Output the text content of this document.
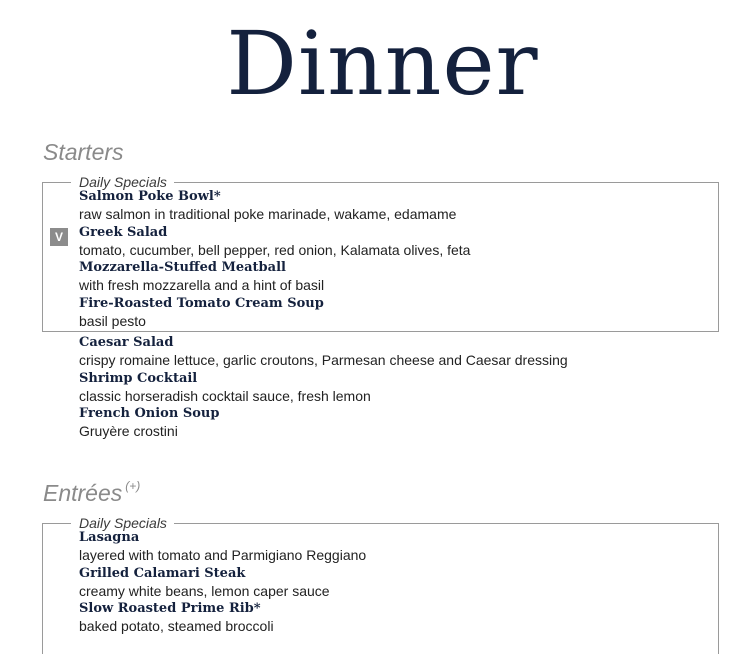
Dinner
Starters
Daily Specials
V
Salmon Poke Bowl*
raw salmon in traditional poke marinade, wakame, edamame
Greek Salad
tomato, cucumber, bell pepper, red onion, Kalamata olives, feta
Mozzarella-Stuffed Meatball
with fresh mozzarella and a hint of basil
Fire-Roasted Tomato Cream Soup
basil pesto
Caesar Salad
crispy romaine lettuce, garlic croutons, Parmesan cheese and Caesar dressing
Shrimp Cocktail
classic horseradish cocktail sauce, fresh lemon
French Onion Soup
Gruyère crostini
Entrées (+)
Daily Specials
Lasagna
layered with tomato and Parmigiano Reggiano
Grilled Calamari Steak
creamy white beans, lemon caper sauce
Slow Roasted Prime Rib*
baked potato, steamed broccoli
